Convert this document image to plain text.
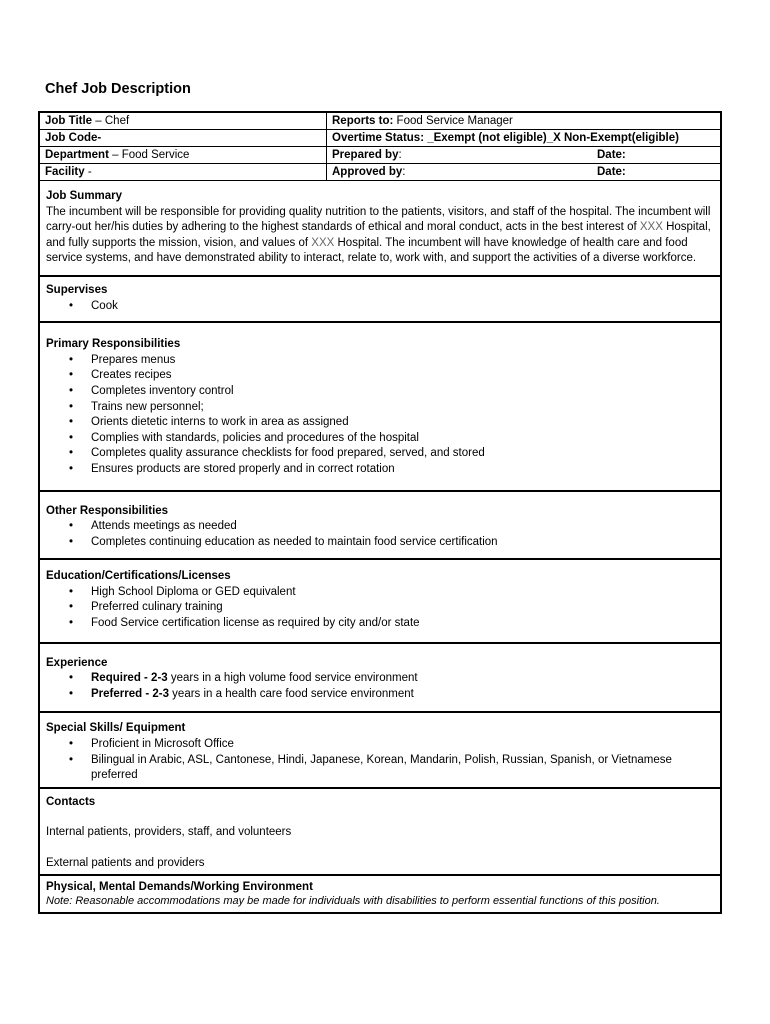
Chef Job Description
Job Title – Chef	Reports to: Food Service Manager
Job Code-	Overtime Status: _Exempt (not eligible)_X Non-Exempt(eligible)
Department – Food Service	Prepared by:	Date:
Facility -	Approved by:	Date:
Job Summary

The incumbent will be responsible for providing quality nutrition to the patients, visitors, and staff of the hospital. The incumbent will carry-out her/his duties by adhering to the highest standards of ethical and moral conduct, acts in the best interest of XXX Hospital, and fully supports the mission, vision, and values of XXX Hospital. The incumbent will have knowledge of health care and food service systems, and have demonstrated ability to interact, relate to, work with, and support the activities of a diverse workforce.

Supervises
• Cook
Primary Responsibilities
• Prepares menus
• Creates recipes
• Completes inventory control
• Trains new personnel;
• Orients dietetic interns to work in area as assigned
• Complies with standards, policies and procedures of the hospital
• Completes quality assurance checklists for food prepared, served, and stored
• Ensures products are stored properly and in correct rotation
Other Responsibilities
• Attends meetings as needed
• Completes continuing education as needed to maintain food service certification
Education/Certifications/Licenses
• High School Diploma or GED equivalent
• Preferred culinary training
• Food Service certification license as required by city and/or state
Experience
• Required - 2-3 years in a high volume food service environment
• Preferred - 2-3 years in a health care food service environment
Special Skills/ Equipment
• Proficient in Microsoft Office
• Bilingual in Arabic, ASL, Cantonese, Hindi, Japanese, Korean, Mandarin, Polish, Russian, Spanish, or Vietnamese preferred
Contacts

Internal patients, providers, staff, and volunteers

External patients and providers

Physical, Mental Demands/Working Environment

Note: Reasonable accommodations may be made for individuals with disabilities to perform essential functions of this position.
